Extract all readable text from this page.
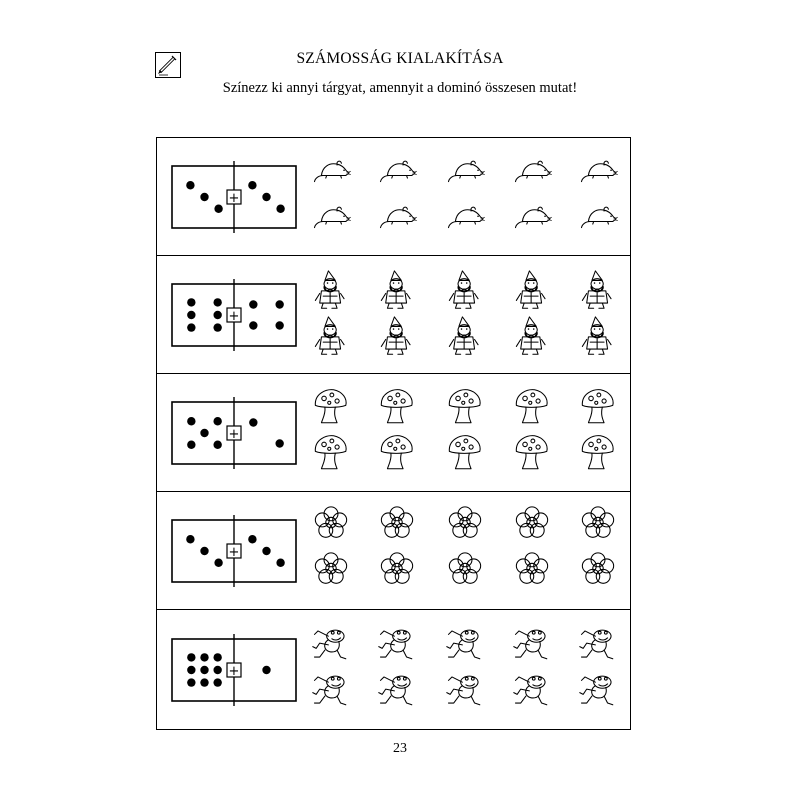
SZÁMOSSÁG KIALAKÍTÁSA
Színezz ki annyi tárgyat, amennyit a dominó összesen mutat!
+
+
+
+
+
23
